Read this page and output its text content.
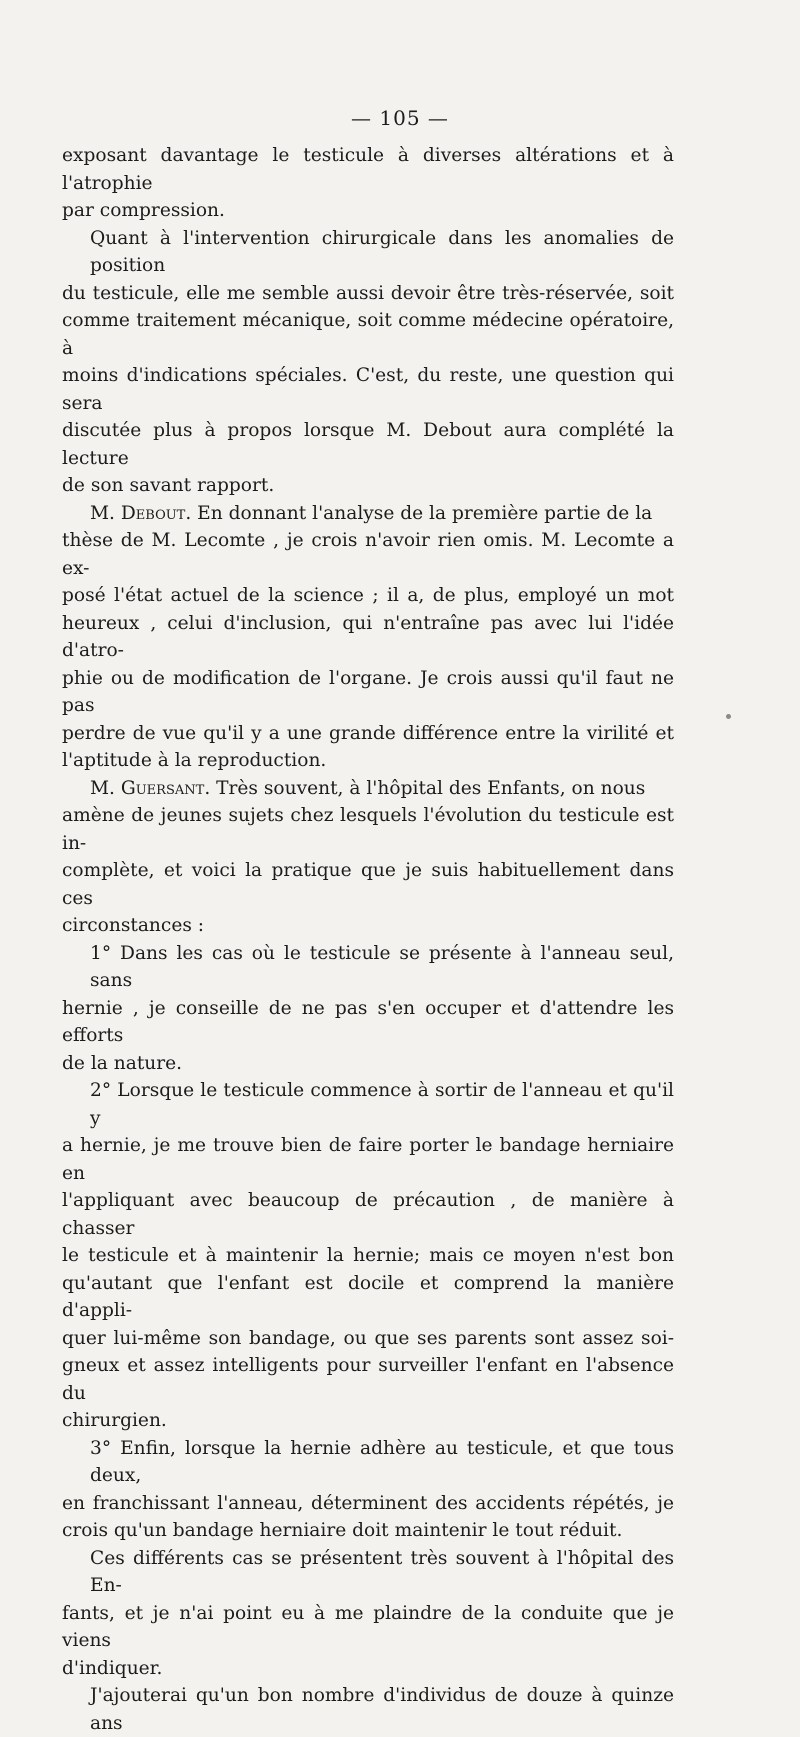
— 105 —

exposant davantage le testicule à diverses altérations et à l'atrophie
par compression.

Quant à l'intervention chirurgicale dans les anomalies de position
du testicule, elle me semble aussi devoir être très-réservée, soit
comme traitement mécanique, soit comme médecine opératoire, à
moins d'indications spéciales. C'est, du reste, une question qui sera
discutée plus à propos lorsque M. Debout aura complété la lecture
de son savant rapport.

M. Debout. En donnant l'analyse de la première partie de la
thèse de M. Lecomte , je crois n'avoir rien omis. M. Lecomte a ex-
posé l'état actuel de la science ; il a, de plus, employé un mot
heureux , celui d'inclusion, qui n'entraîne pas avec lui l'idée d'atro-
phie ou de modification de l'organe. Je crois aussi qu'il faut ne pas
perdre de vue qu'il y a une grande différence entre la virilité et
l'aptitude à la reproduction.

M. Guersant. Très souvent, à l'hôpital des Enfants, on nous
amène de jeunes sujets chez lesquels l'évolution du testicule est in-
complète, et voici la pratique que je suis habituellement dans ces
circonstances :

1° Dans les cas où le testicule se présente à l'anneau seul, sans
hernie , je conseille de ne pas s'en occuper et d'attendre les efforts
de la nature.

2° Lorsque le testicule commence à sortir de l'anneau et qu'il y
a hernie, je me trouve bien de faire porter le bandage herniaire en
l'appliquant avec beaucoup de précaution , de manière à chasser
le testicule et à maintenir la hernie; mais ce moyen n'est bon
qu'autant que l'enfant est docile et comprend la manière d'appli-
quer lui-même son bandage, ou que ses parents sont assez soi-
gneux et assez intelligents pour surveiller l'enfant en l'absence du
chirurgien.

3° Enfin, lorsque la hernie adhère au testicule, et que tous deux,
en franchissant l'anneau, déterminent des accidents répétés, je
crois qu'un bandage herniaire doit maintenir le tout réduit.

Ces différents cas se présentent très souvent à l'hôpital des En-
fants, et je n'ai point eu à me plaindre de la conduite que je viens
d'indiquer.

J'ajouterai qu'un bon nombre d'individus de douze à quinze ans
